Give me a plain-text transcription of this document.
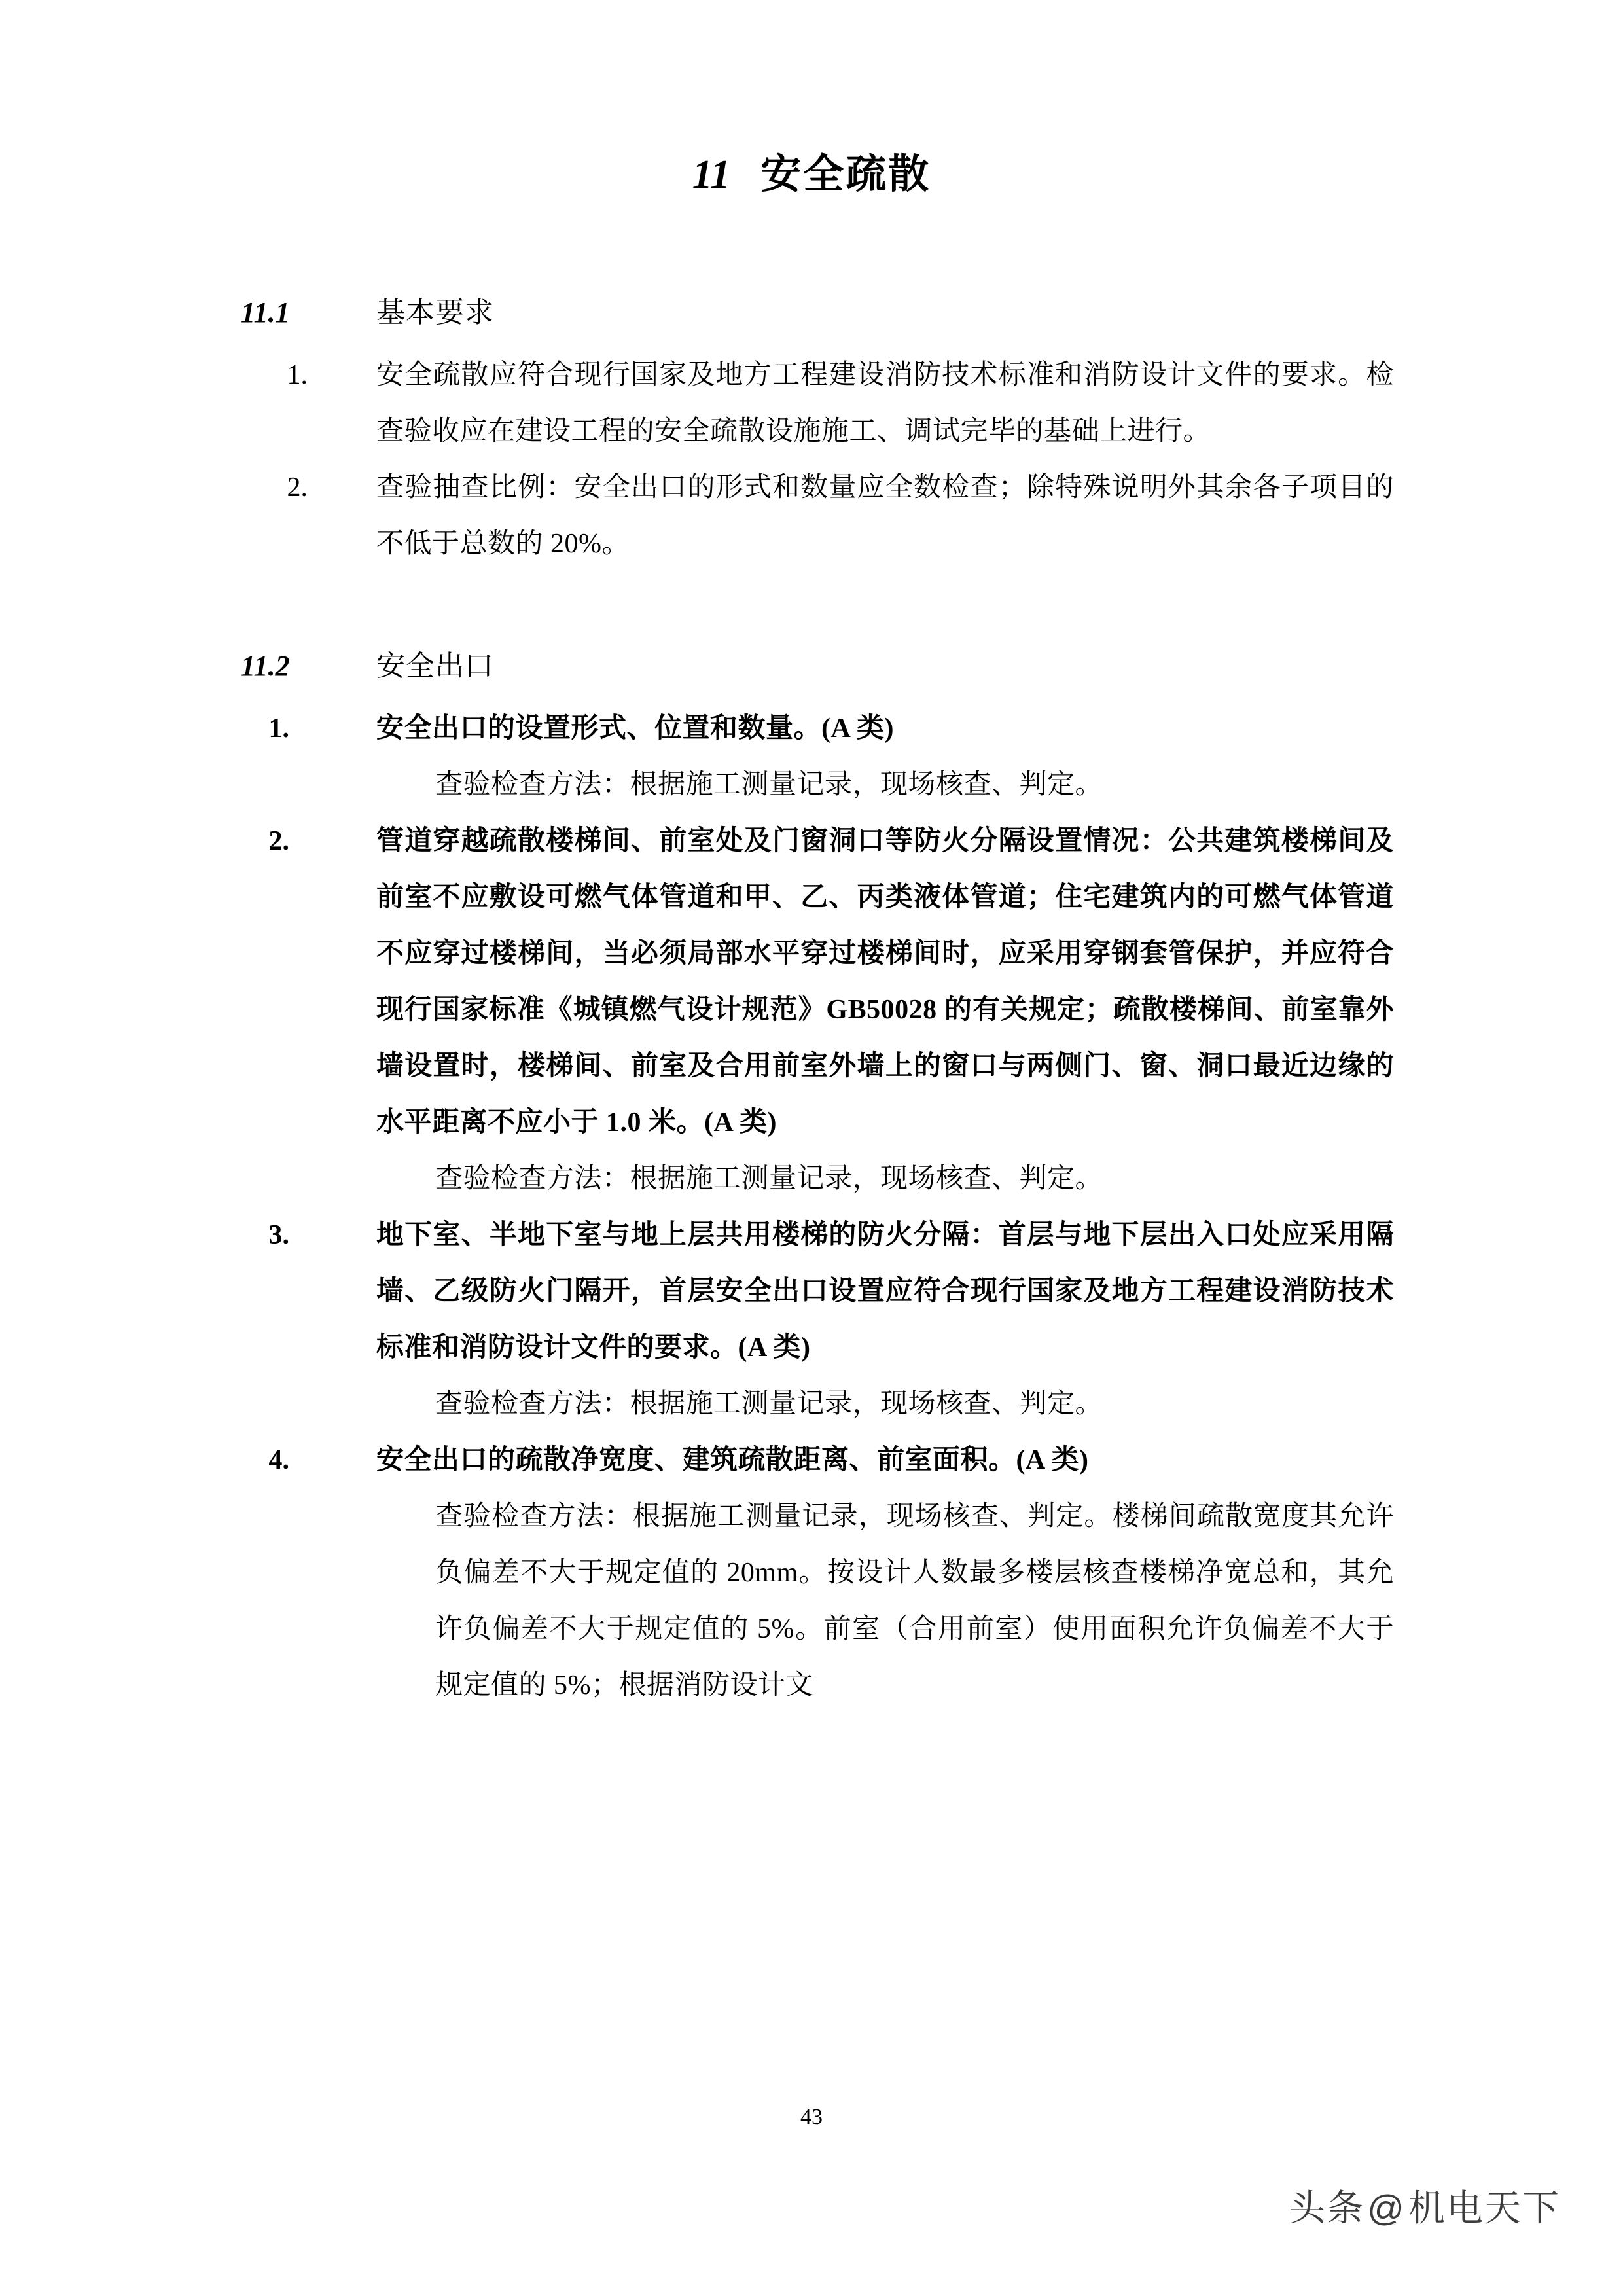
11 安全疏散
11.1	基本要求
1.	安全疏散应符合现行国家及地方工程建设消防技术标准和消防设计文件的要求。检查验收应在建设工程的安全疏散设施施工、调试完毕的基础上进行。
2.	查验抽查比例：安全出口的形式和数量应全数检查；除特殊说明外其余各子项目的不低于总数的 20%。
11.2	安全出口
1.	安全出口的设置形式、位置和数量。(A 类)
查验检查方法：根据施工测量记录，现场核查、判定。
2.	管道穿越疏散楼梯间、前室处及门窗洞口等防火分隔设置情况：公共建筑楼梯间及前室不应敷设可燃气体管道和甲、乙、丙类液体管道；住宅建筑内的可燃气体管道不应穿过楼梯间，当必须局部水平穿过楼梯间时，应采用穿钢套管保护，并应符合现行国家标准《城镇燃气设计规范》GB50028 的有关规定；疏散楼梯间、前室靠外墙设置时，楼梯间、前室及合用前室外墙上的窗口与两侧门、窗、洞口最近边缘的水平距离不应小于 1.0 米。(A 类)
查验检查方法：根据施工测量记录，现场核查、判定。
3.	地下室、半地下室与地上层共用楼梯的防火分隔：首层与地下层出入口处应采用隔墙、乙级防火门隔开，首层安全出口设置应符合现行国家及地方工程建设消防技术标准和消防设计文件的要求。(A 类)
查验检查方法：根据施工测量记录，现场核查、判定。
4.	安全出口的疏散净宽度、建筑疏散距离、前室面积。(A 类)
查验检查方法：根据施工测量记录，现场核查、判定。楼梯间疏散宽度其允许负偏差不大于规定值的 20mm。按设计人数最多楼层核查楼梯净宽总和，其允许负偏差不大于规定值的 5%。前室（合用前室）使用面积允许负偏差不大于规定值的 5%；根据消防设计文
43
头条@机电天下
